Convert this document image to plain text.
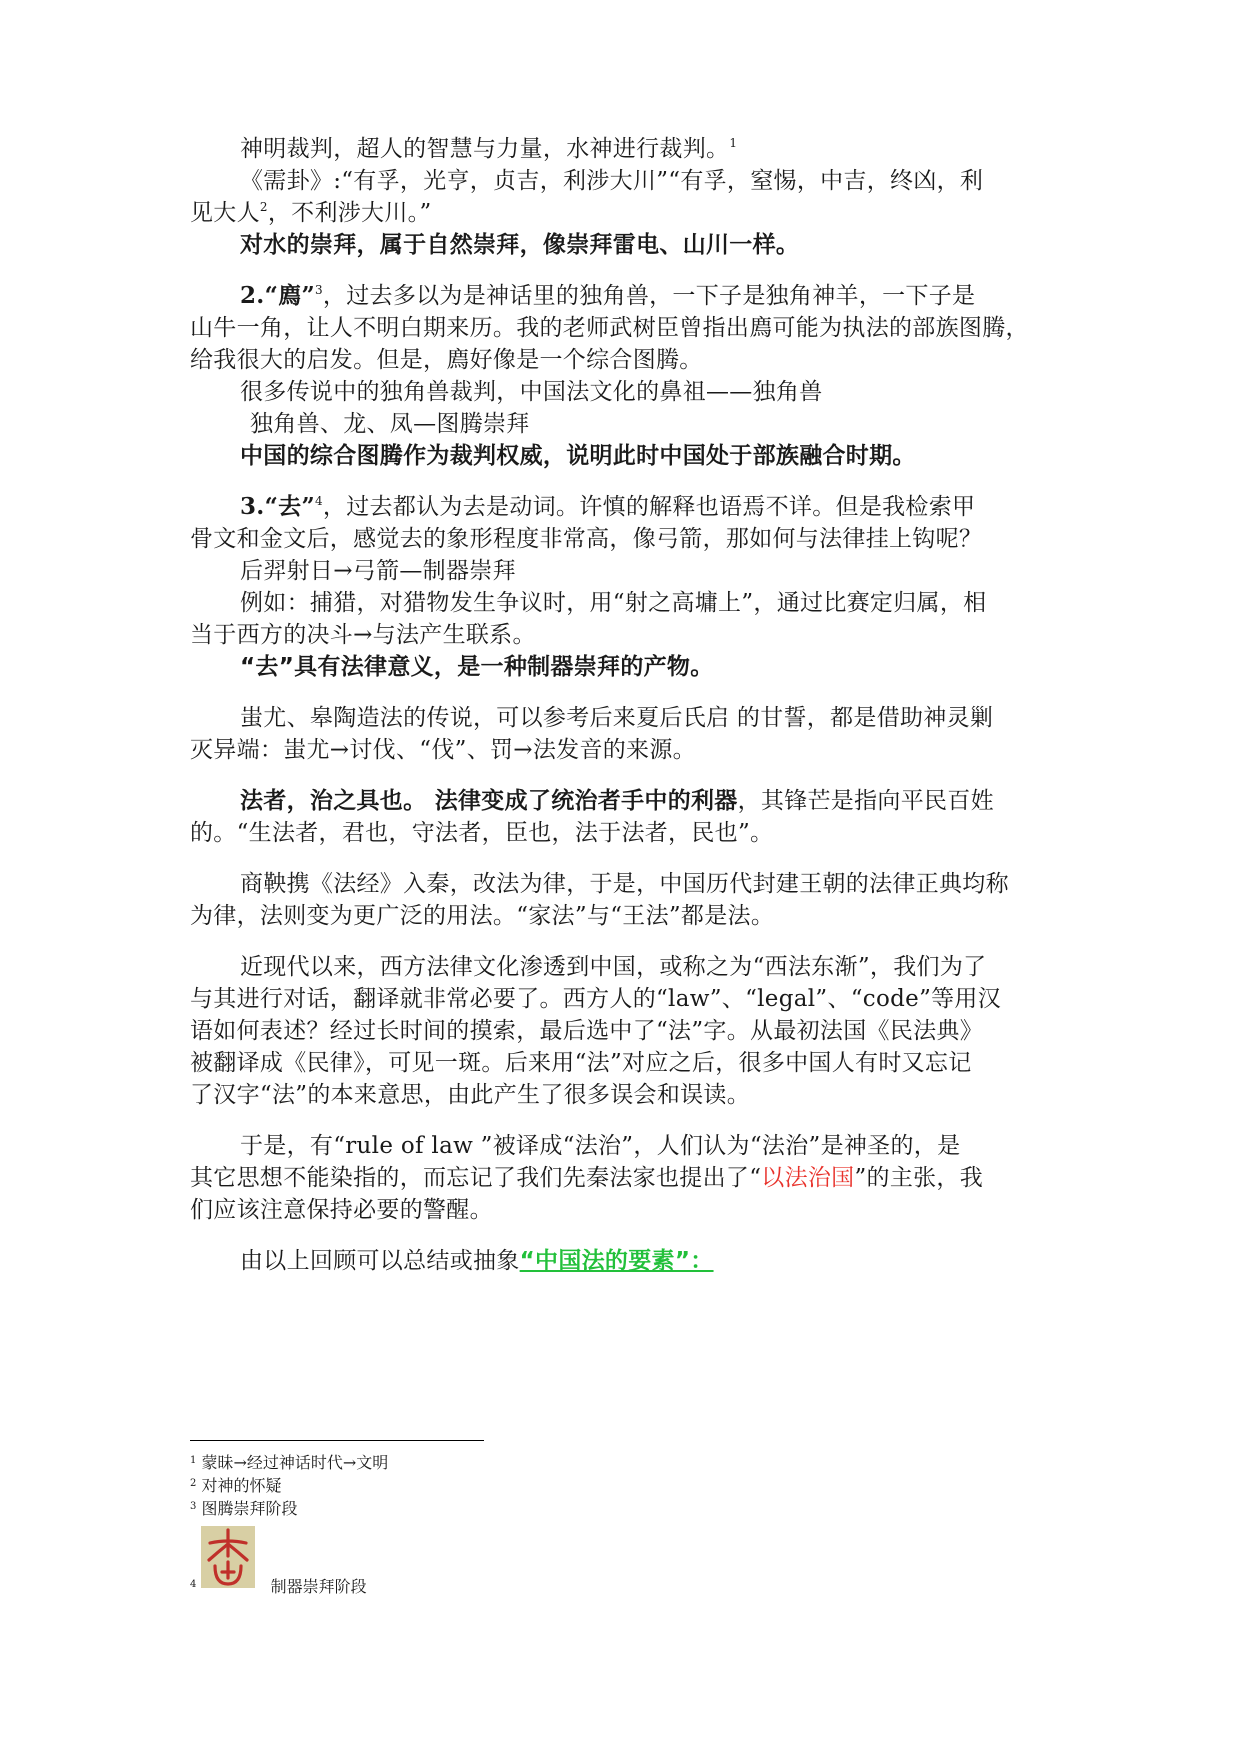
神明裁判，超人的智慧与力量，水神进行裁判。$^1$
《需卦》:“有孚，光亨，贞吉，利涉大川”“有孚，窒惕，中吉，终凶，利
见大人$^2$，不利涉大川。”
对水的崇拜，属于自然崇拜，像崇拜雷电、山川一样。
2.“廌”$^3$，过去多以为是神话里的独角兽，一下子是独角神羊，一下子是
山牛一角，让人不明白期来历。我的老师武树臣曾指出廌可能为执法的部族图腾，
给我很大的启发。但是，廌好像是一个综合图腾。
很多传说中的独角兽裁判，中国法文化的鼻祖——独角兽
独角兽、龙、凤—图腾崇拜
中国的综合图腾作为裁判权威，说明此时中国处于部族融合时期。
3.“去”$^4$，过去都认为去是动词。许慎的解释也语焉不详。但是我检索甲
骨文和金文后，感觉去的象形程度非常高，像弓箭，那如何与法律挂上钩呢？
后羿射日→弓箭—制器崇拜
例如：捕猎，对猎物发生争议时，用“射之高墉上”，通过比赛定归属，相
当于西方的决斗→与法产生联系。
“去”具有法律意义，是一种制器崇拜的产物。
蚩尤、皋陶造法的传说，可以参考后来夏后氏启 的甘誓，都是借助神灵剿
灭异端：蚩尤→讨伐、“伐”、罚→法发音的来源。
法者，治之具也。 法律变成了统治者手中的利器，其锋芒是指向平民百姓
的。“生法者，君也，守法者，臣也，法于法者，民也”。
商鞅携《法经》入秦，改法为律，于是，中国历代封建王朝的法律正典均称
为律，法则变为更广泛的用法。“家法”与“王法”都是法。
近现代以来，西方法律文化渗透到中国，或称之为“西法东渐”，我们为了
与其进行对话，翻译就非常必要了。西方人的“law”、“legal”、“code”等用汉
语如何表述？经过长时间的摸索，最后选中了“法”字。从最初法国《民法典》
被翻译成《民律》，可见一斑。后来用“法”对应之后，很多中国人有时又忘记
了汉字“法”的本来意思，由此产生了很多误会和误读。
于是，有“rule of law ”被译成“法治”，人们认为“法治”是神圣的，是
其它思想不能染指的，而忘记了我们先秦法家也提出了“以法治国”的主张，我
们应该注意保持必要的警醒。
由以上回顾可以总结或抽象“中国法的要素”：
$^1$ 蒙昧→经过神话时代→文明
$^2$ 对神的怀疑
$^3$ 图腾崇拜阶段
$^4$	制器崇拜阶段
